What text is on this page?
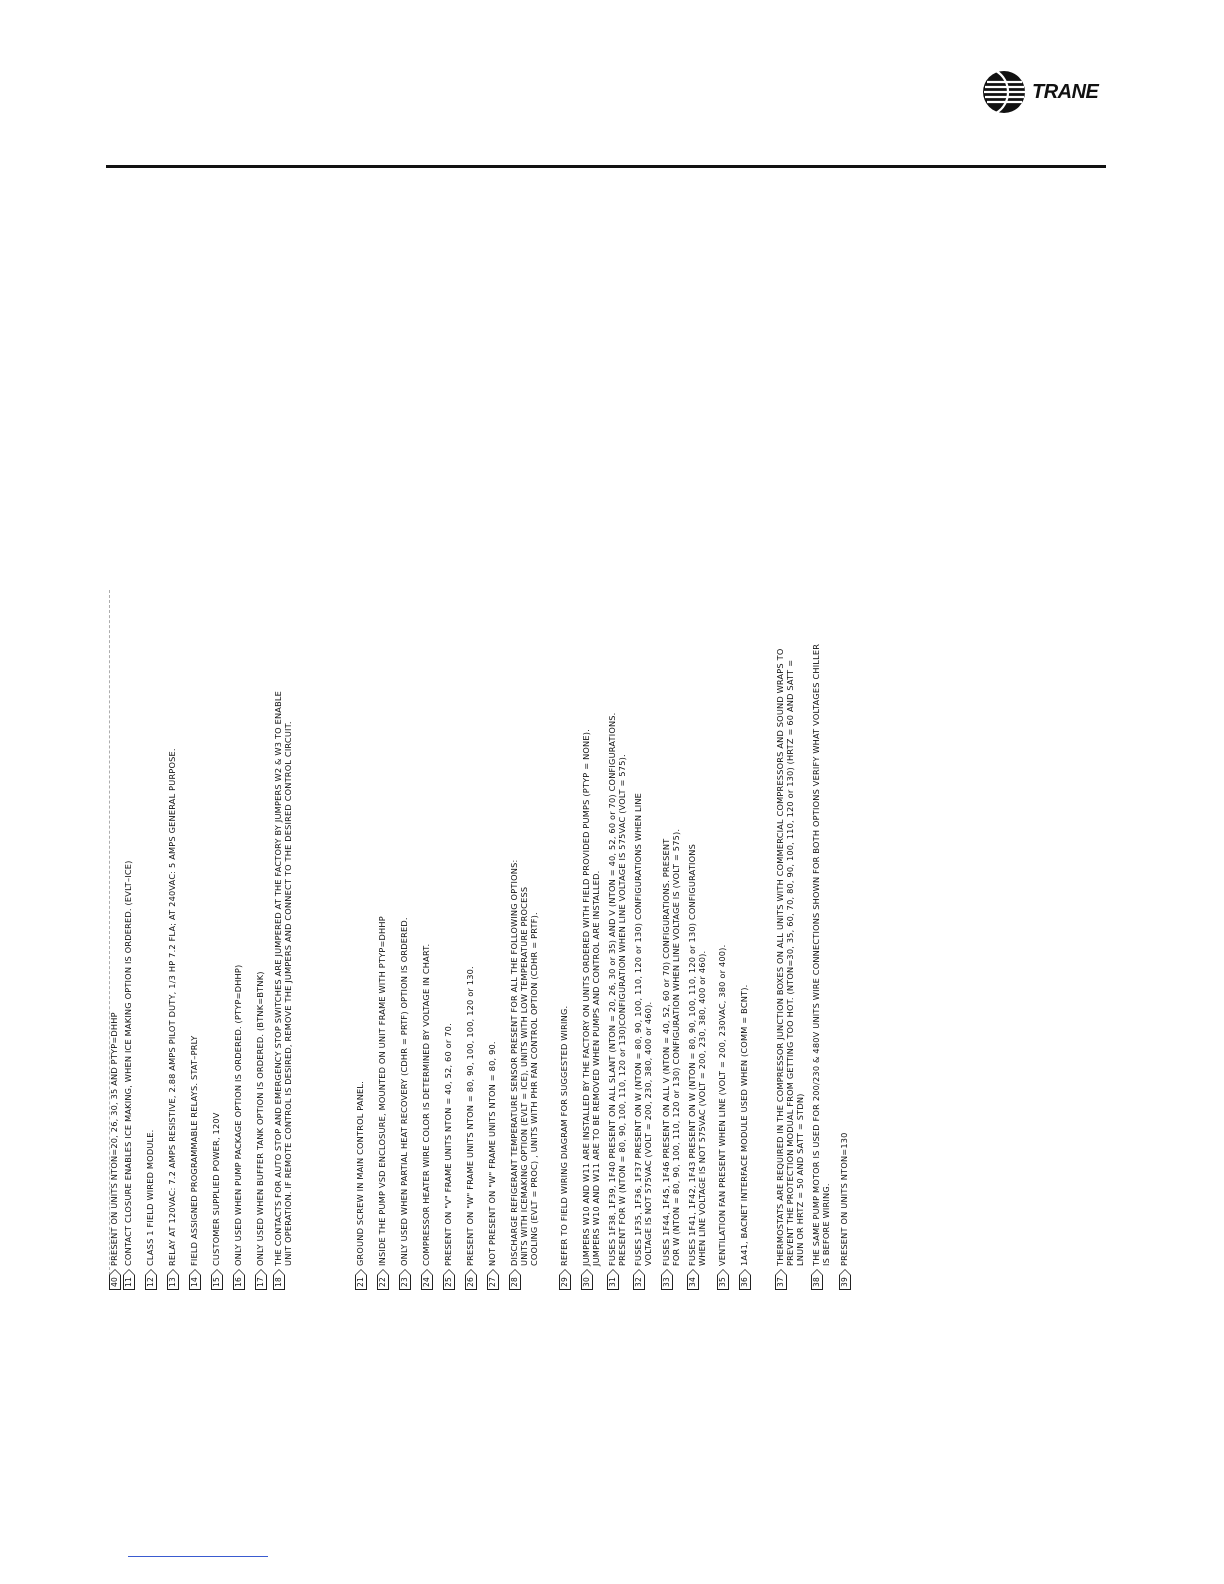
TRANE
11
CONTACT CLOSURE ENABLES ICE MAKING, WHEN ICE MAKING OPTION IS ORDERED. (EVLT–ICE)
12
CLASS 1 FIELD WIRED MODULE.
13
RELAY AT 120VAC: 7.2 AMPS RESISTIVE, 2.88 AMPS PILOT DUTY, 1/3 HP 7.2 FLA; AT 240VAC: 5 AMPS GENERAL PURPOSE.
14
FIELD ASSIGNED PROGRAMMABLE RELAYS. STAT–PRLY
15
CUSTOMER SUPPLIED POWER, 120V
16
ONLY USED WHEN PUMP PACKAGE OPTION IS ORDERED. (PTYP=DHHP)
17
ONLY USED WHEN BUFFER TANK OPTION IS ORDERED. (BTNK=BTNK)
18
THE CONTACTS FOR AUTO STOP AND EMERGENCY STOP SWITCHES ARE JUMPERED AT THE FACTORY BY JUMPERS W2 & W3 TO ENABLE
UNIT OPERATION. IF REMOTE CONTROL IS DESIRED, REMOVE THE JUMPERS AND CONNECT TO THE DESIRED CONTROL CIRCUIT.
21
GROUND SCREW IN MAIN CONTROL PANEL.
22
INSIDE THE PUMP VSD ENCLOSURE, MOUNTED ON UNIT FRAME WITH PTYP=DHHP
23
ONLY USED WHEN PARTIAL HEAT RECOVERY (CDHR = PRTF) OPTION IS ORDERED.
24
COMPRESSOR HEATER WIRE COLOR IS DETERMINED BY VOLTAGE IN CHART.
25
PRESENT ON "V" FRAME UNITS NTON = 40, 52, 60 or 70.
26
PRESENT ON "W" FRAME UNITS NTON = 80, 90, 100, 100, 120 or 130.
27
NOT PRESENT ON "W" FRAME UNITS NTON = 80, 90.
28
DISCHARGE REFIGERANT TEMPERATURE SENSOR PRESENT FOR ALL THE FOLLOWING OPTIONS:
UNITS WITH ICEMAKING OPTION (EVLT = ICE), UNITS WITH LOW TEMPERATURE PROCESS
COOLING (EVLT = PROC) , UNITS WITH PHR FAN CONTROL OPTION (CDHR = PRTF).
29
REFER TO FIELD WIRING DIAGRAM FOR SUGGESTED WIRING.
30
JUMPERS W10 AND W11 ARE INSTALLED BY THE FACTORY ON UNITS ORDERED WITH FIELD PROVIDED PUMPS (PTYP = NONE).
JUMPERS W10 AND W11 ARE TO BE REMOVED WHEN PUMPS AND CONTROL ARE INSTALLED.
31
FUSES 1F38, 1F39, 1F40 PRESENT ON ALL SLANT (NTON = 20, 26, 30 or 35) AND V (NTON = 40, 52, 60 or 70) CONFIGURATIONS.
PRESENT FOR W (NTON = 80, 90, 100, 110, 120 or 130)CONFIGURATION WHEN LINE VOLTAGE IS 575VAC (VOLT = 575).
32
FUSES 1F35, 1F36, 1F37 PRESENT ON W (NTON = 80, 90, 100, 110, 120 or 130) CONFIGURATIONS WHEN LINE
VOLTAGE IS NOT 575VAC (VOLT = 200, 230, 380, 400 or 460).
33
FUSES 1F44, 1F45, 1F46 PRESENT ON ALL V (NTON = 40, 52, 60 or 70) CONFIGURATIONS. PRESENT
FOR W (NTON = 80, 90, 100, 110, 120 or 130) CONFIGURATION WHEN LINE VOLTAGE IS (VOLT = 575).
34
FUSES 1F41, 1F42, 1F43 PRESENT ON W (NTON = 80, 90, 100, 110, 120 or 130) CONFIGURATIONS
WHEN LINE VOLTAGE IS NOT 575VAC (VOLT = 200, 230, 380, 400 or 460).
35
VENTILATION FAN PRESENT WHEN LINE (VOLT = 200, 230VAC, 380 or 400).
36
1A41, BACNET INTERFACE MODULE USED WHEN (COMM = BCNT).
37
THERMOSTATS ARE REQUIRED IN THE COMPRESSOR JUNCTION BOXES ON ALL UNITS WITH COMMERCIAL COMPRESSORS AND SOUND WRAPS TO
PREVENT THE PROTECTION MODUAL FROM GETTING TOO HOT. (NTON=30, 35, 60, 70, 80, 90, 100, 110, 120 or 130) (HRTZ = 60 AND SATT =
LNUN OR HRTZ = 50 AND SATT = STDN)
38
THE SAME PUMP MOTOR IS USED FOR 200/230 & 480V UNITS WIRE CONNECTIONS SHOWN FOR BOTH OPTIONS VERIFY WHAT VOLTAGES CHILLER
IS BEFORE WIRING.
39
PRESENT ON UNITS NTON=130
40
PRESENT ON UNITS NTON=20, 26, 30, 35 AND PTYP=DHHP
